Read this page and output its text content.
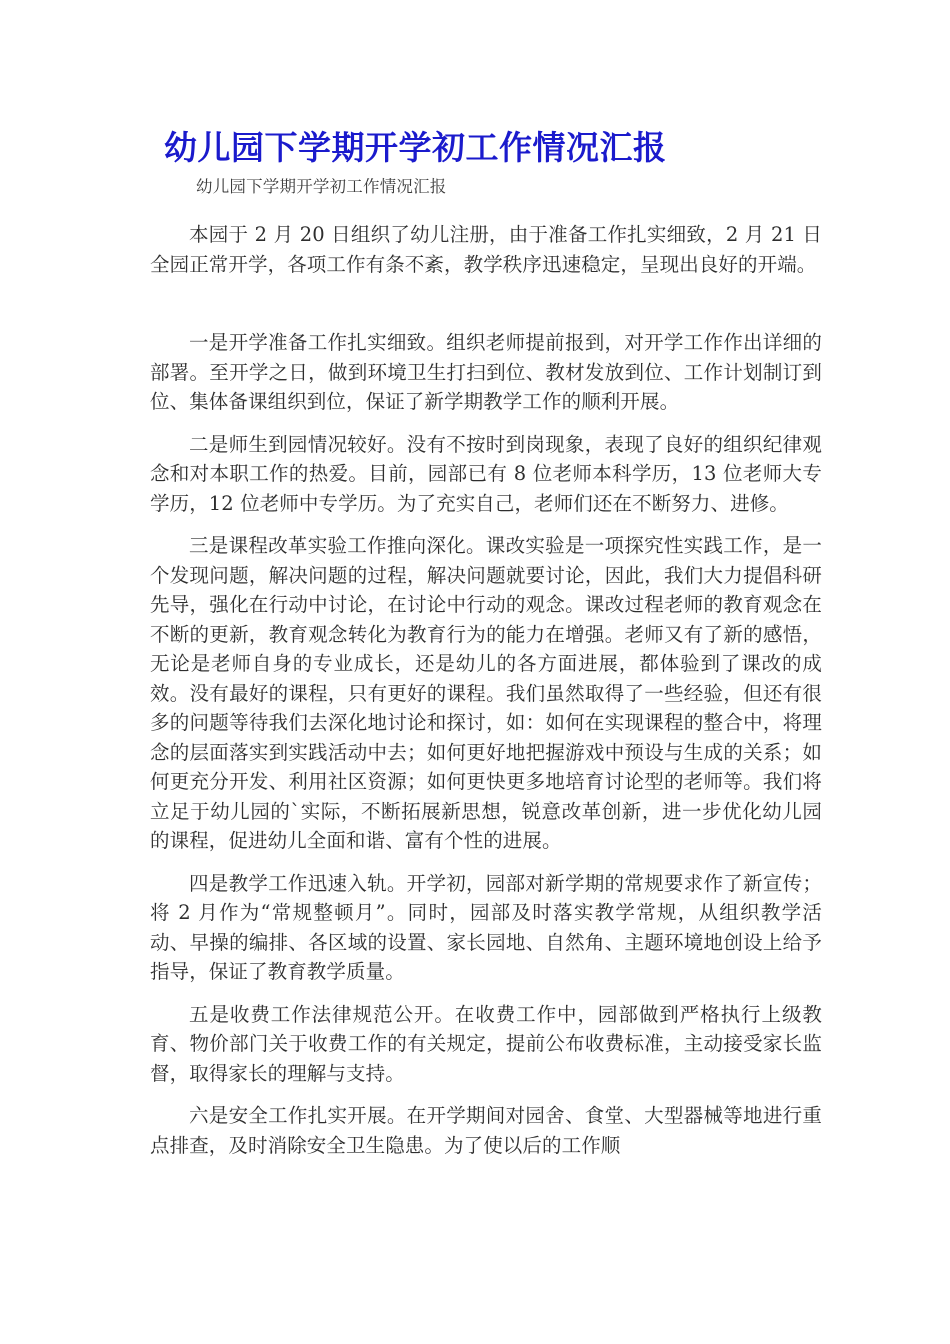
幼儿园下学期开学初工作情况汇报
幼儿园下学期开学初工作情况汇报

本园于 2 月 20 日组织了幼儿注册，由于准备工作扎实细致，2 月 21 日全园正常开学，各项工作有条不紊，教学秩序迅速稳定，呈现出良好的开端。

一是开学准备工作扎实细致。组织老师提前报到，对开学工作作出详细的部署。至开学之日，做到环境卫生打扫到位、教材发放到位、工作计划制订到位、集体备课组织到位，保证了新学期教学工作的顺利开展。

二是师生到园情况较好。没有不按时到岗现象，表现了良好的组织纪律观念和对本职工作的热爱。目前，园部已有 8 位老师本科学历，13 位老师大专学历，12 位老师中专学历。为了充实自己，老师们还在不断努力、进修。

三是课程改革实验工作推向深化。课改实验是一项探究性实践工作，是一个发现问题，解决问题的过程，解决问题就要讨论，因此，我们大力提倡科研先导，强化在行动中讨论，在讨论中行动的观念。课改过程老师的教育观念在不断的更新，教育观念转化为教育行为的能力在增强。老师又有了新的感悟，无论是老师自身的专业成长，还是幼儿的各方面进展，都体验到了课改的成效。没有最好的课程，只有更好的课程。我们虽然取得了一些经验，但还有很多的问题等待我们去深化地讨论和探讨，如：如何在实现课程的整合中，将理念的层面落实到实践活动中去；如何更好地把握游戏中预设与生成的关系；如何更充分开发、利用社区资源；如何更快更多地培育讨论型的老师等。我们将立足于幼儿园的`实际，不断拓展新思想，锐意改革创新，进一步优化幼儿园的课程，促进幼儿全面和谐、富有个性的进展。

四是教学工作迅速入轨。开学初，园部对新学期的常规要求作了新宣传；将 2 月作为“常规整顿月”。同时，园部及时落实教学常规，从组织教学活动、早操的编排、各区域的设置、家长园地、自然角、主题环境地创设上给予指导，保证了教育教学质量。

五是收费工作法律规范公开。在收费工作中，园部做到严格执行上级教育、物价部门关于收费工作的有关规定，提前公布收费标准，主动接受家长监督，取得家长的理解与支持。

六是安全工作扎实开展。在开学期间对园舍、食堂、大型器械等地进行重点排查，及时消除安全卫生隐患。为了使以后的工作顺
